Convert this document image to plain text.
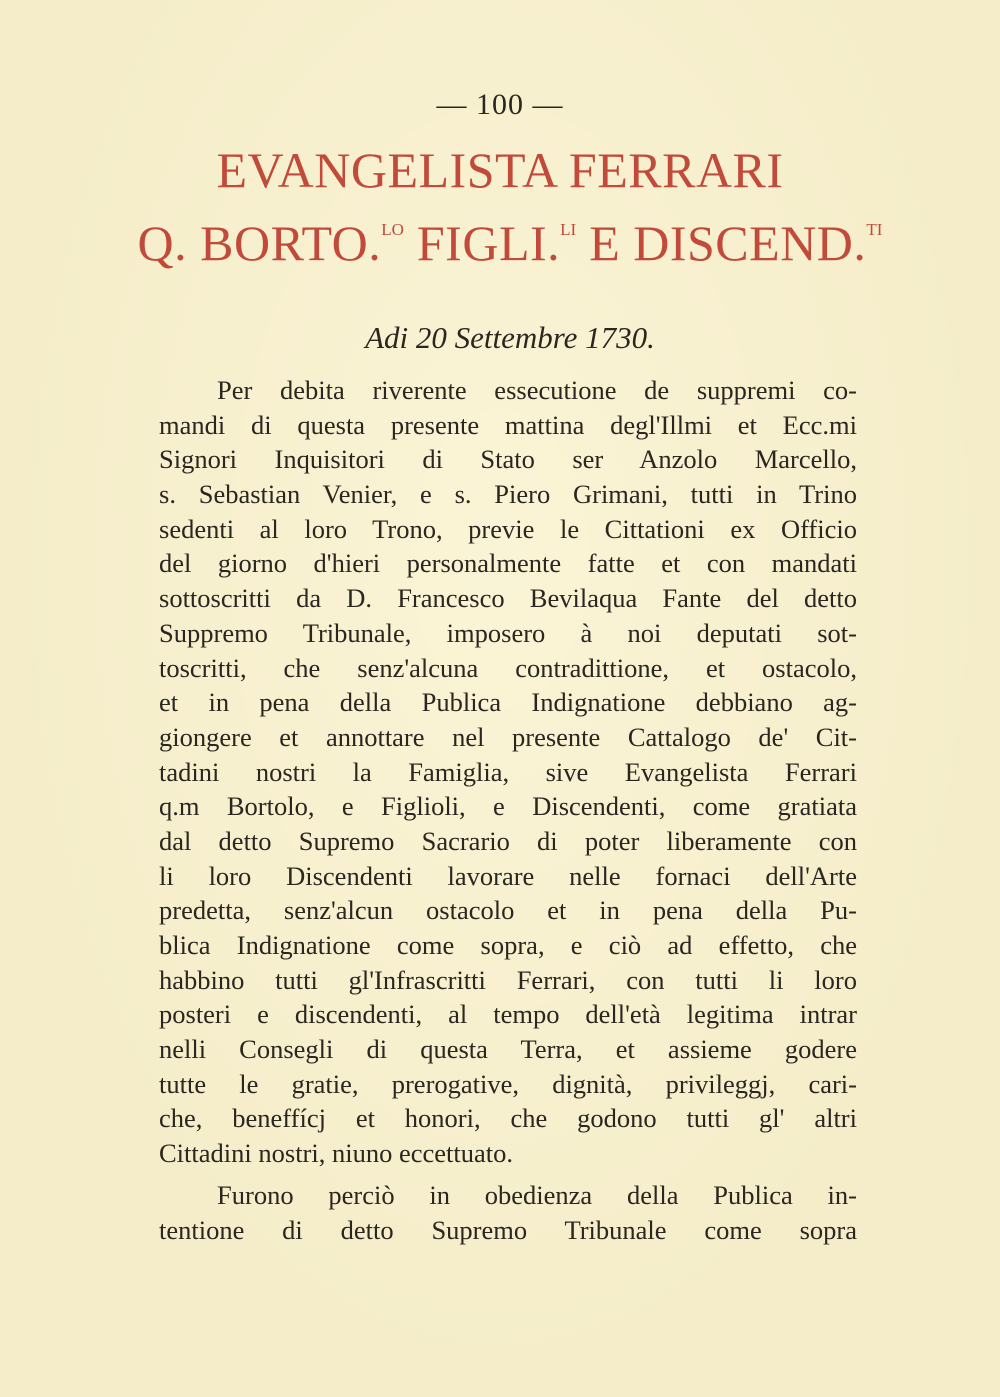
— 100 —
EVANGELISTA FERRARI
Q. BORTO.$^{LO}$ FIGLI.$^{LI}$ E DISCEND.$^{TI}$
Adi 20 Settembre 1730.
Per debita riverente essecutione de suppremi co-
mandi di questa presente mattina degl'Illmi et Ecc.mi
Signori Inquisitori di Stato ser Anzolo Marcello,
s. Sebastian Venier, e s. Piero Grimani, tutti in Trino
sedenti al loro Trono, previe le Cittationi ex Officio
del giorno d'hieri personalmente fatte et con mandati
sottoscritti da D. Francesco Bevilaqua Fante del detto
Suppremo Tribunale, imposero à noi deputati sot-
toscritti, che senz'alcuna contradittione, et ostacolo,
et in pena della Publica Indignatione debbiano ag-
giongere et annottare nel presente Cattalogo de' Cit-
tadini nostri la Famiglia, sive Evangelista Ferrari
q.m Bortolo, e Figlioli, e Discendenti, come gratiata
dal detto Supremo Sacrario di poter liberamente con
li loro Discendenti lavorare nelle fornaci dell'Arte
predetta, senz'alcun ostacolo et in pena della Pu-
blica Indignatione come sopra, e ciò ad effetto, che
habbino tutti gl'Infrascritti Ferrari, con tutti li loro
posteri e discendenti, al tempo dell'età legitima intrar
nelli Consegli di questa Terra, et assieme godere
tutte le gratie, prerogative, dignità, privileggj, cari-
che, beneffícj et honori, che godono tutti gl' altri
Cittadini nostri, niuno eccettuato.
Furono perciò in obedienza della Publica in-
tentione di detto Supremo Tribunale come sopra
